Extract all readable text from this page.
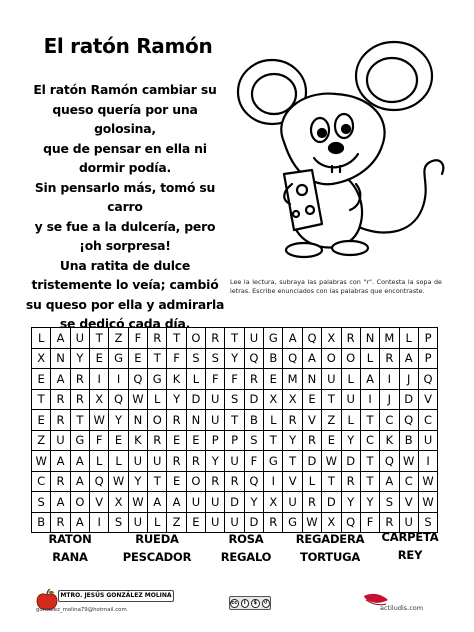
El ratón Ramón
El ratón Ramón cambiar su
queso quería por una
golosina,
que de pensar en ella ni
dormir podía.
Sin pensarlo más, tomó su
carro
y se fue a la dulcería, pero
¡oh sorpresa!
Una ratita de dulce
tristemente lo veía; cambió
su queso por ella y admirarla
se dedicó cada día.
Lee la lectura, subraya las palabras con "r". Contesta la sopa de letras. Escribe enunciados con las palabras que encontraste.
L	A	U	T	Z	F	R	T	O	R	T	U	G	A	Q	X	R	N	M	L	P
X	N	Y	E	G	E	T	F	S	S	Y	Q	B	Q	A	O	O	L	R	A	P
E	A	R	I	I	Q	G	K	L	F	F	R	E	M	N	U	L	A	I	J	Q
T	R	R	X	Q	W	L	Y	D	U	S	D	X	X	E	T	U	I	J	D	V
E	R	T	W	Y	N	O	R	N	U	T	B	L	R	V	Z	L	T	C	Q	C
Z	U	G	F	E	K	R	E	E	P	P	S	T	Y	R	E	Y	C	K	B	U
W	A	A	L	L	U	U	R	R	Y	U	F	G	T	D	W	D	T	Q	W	I
C	R	A	Q	W	Y	T	E	O	R	R	Q	I	V	L	T	R	T	A	C	W
S	A	O	V	X	W	A	A	U	U	D	Y	X	U	R	D	Y	Y	S	V	W
B	R	A	I	S	U	L	Z	E	U	U	D	R	G	W	X	Q	F	R	U	S
RATON
RANA
RUEDA
PESCADOR
ROSA
REGALO
REGADERA
TORTUGA
CARPETA
REY
MTRO. JESÚS GONZÁLEZ MOLINA
gonzalez_molina79@hotmail.com
cc	i	$	↺
actiludis.com
